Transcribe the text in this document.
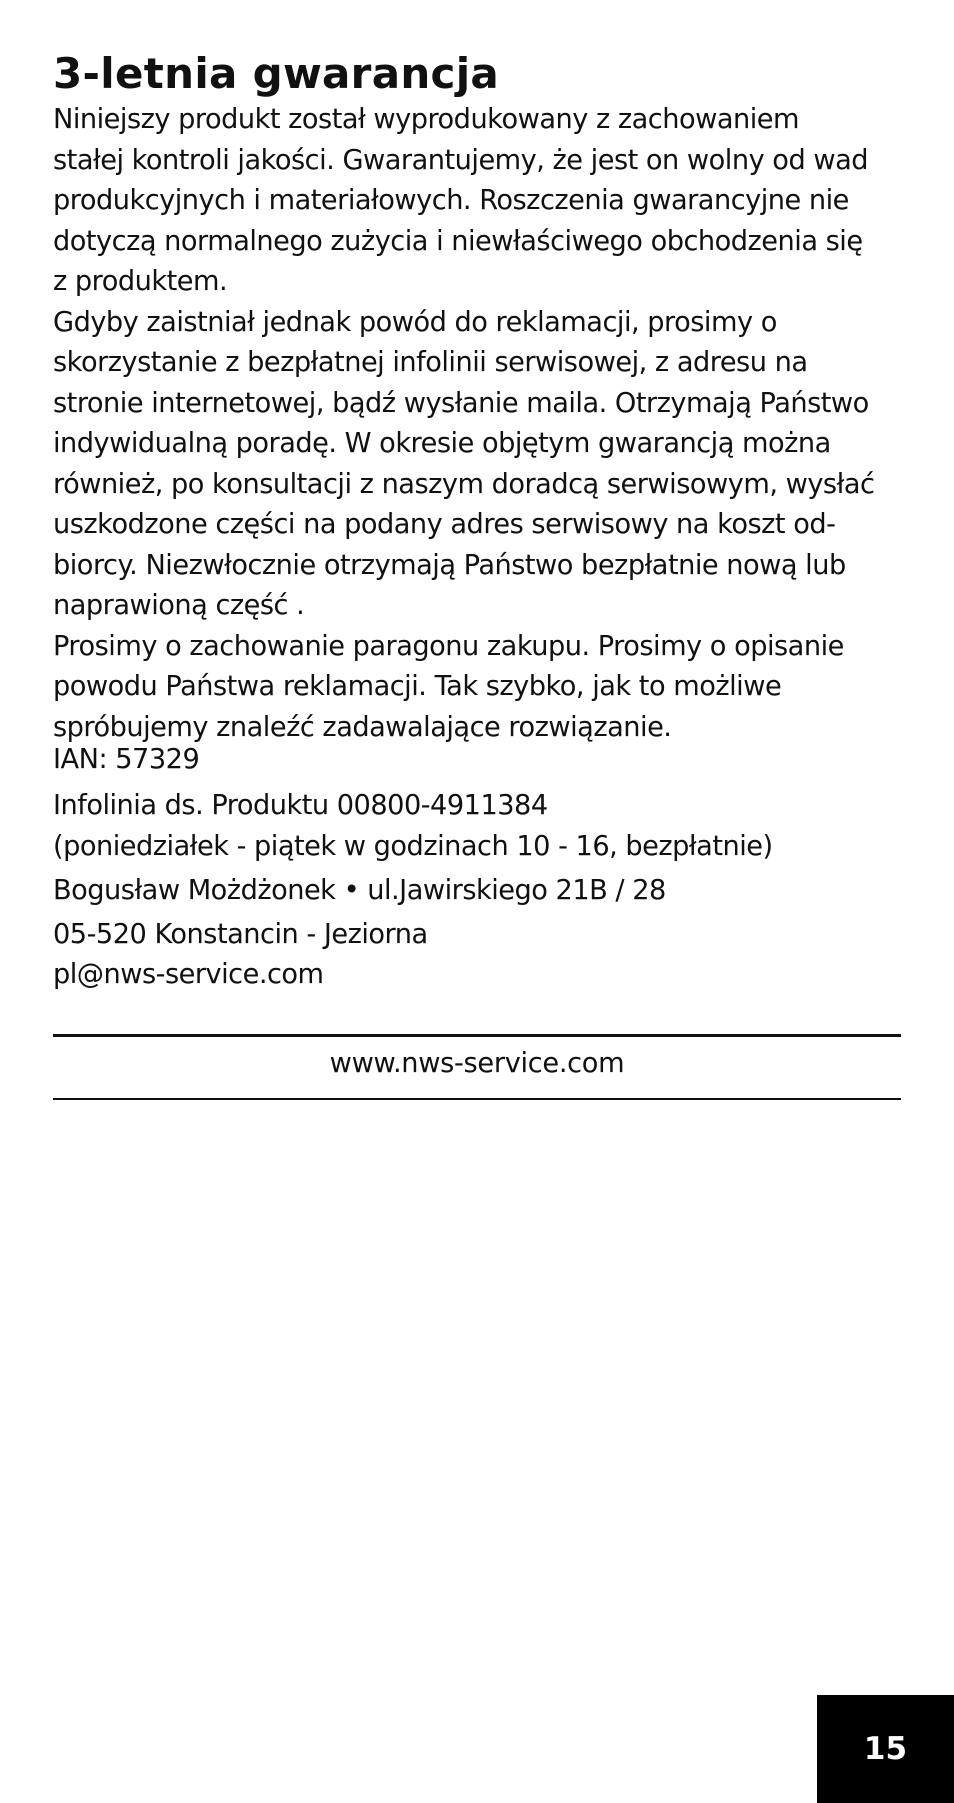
3-letnia gwarancja

Niniejszy produkt został wyprodukowany z zachowaniem
stałej kontroli jakości. Gwarantujemy, że jest on wolny od wad
produkcyjnych i materiałowych. Roszczenia gwarancyjne nie
dotyczą normalnego zużycia i niewłaściwego obchodzenia się
z produktem.

Gdyby zaistniał jednak powód do reklamacji, prosimy o
skorzystanie z bezpłatnej infolinii serwisowej, z adresu na
stronie internetowej, bądź wysłanie maila. Otrzymają Państwo
indywidualną poradę. W okresie objętym gwarancją można
również, po konsultacji z naszym doradcą serwisowym, wysłać
uszkodzone części na podany adres serwisowy na koszt od-
biorcy. Niezwłocznie otrzymają Państwo bezpłatnie nową lub
naprawioną część .

Prosimy o zachowanie paragonu zakupu. Prosimy o opisanie
powodu Państwa reklamacji. Tak szybko, jak to możliwe
spróbujemy znaleźć zadawalające rozwiązanie.

IAN: 57329
Infolinia ds. Produktu 00800-4911384
(poniedziałek - piątek w godzinach 10 - 16, bezpłatnie)
Bogusław Możdżonek • ul.Jawirskiego 21B / 28
05-520 Konstancin - Jeziorna
pl@nws-service.com
www.nws-service.com
15
